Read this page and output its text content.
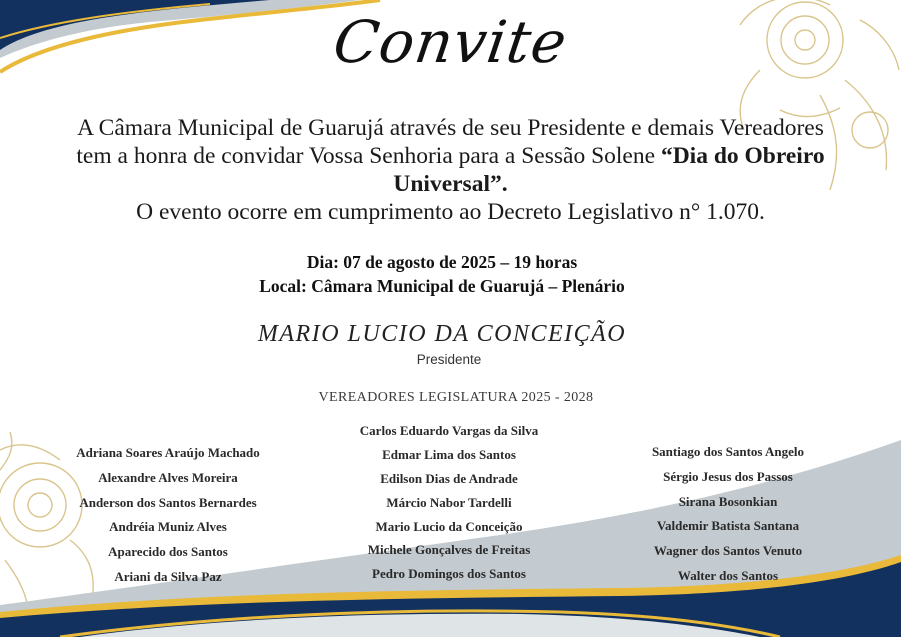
Convite
A Câmara Municipal de Guarujá através de seu Presidente e demais Vereadores
tem a honra de convidar Vossa Senhoria para a Sessão Solene “Dia do Obreiro Universal”.
O evento ocorre em cumprimento ao Decreto Legislativo n° 1.070.
Dia: 07 de agosto de 2025 – 19 horas
Local: Câmara Municipal de Guarujá – Plenário
MARIO LUCIO DA CONCEIÇÃO
Presidente
VEREADORES LEGISLATURA 2025 - 2028
Adriana Soares Araújo Machado
Alexandre Alves Moreira
Anderson dos Santos Bernardes
Andréia Muniz Alves
Aparecido dos Santos
Ariani da Silva Paz
Carlos Eduardo Vargas da Silva
Edmar Lima dos Santos
Edilson Dias de Andrade
Márcio Nabor Tardelli
Mario Lucio da Conceição
Michele Gonçalves de Freitas
Pedro Domingos dos Santos
Santiago dos Santos Angelo
Sérgio Jesus dos Passos
Sirana Bosonkian
Valdemir Batista Santana
Wagner dos Santos Venuto
Walter dos Santos
